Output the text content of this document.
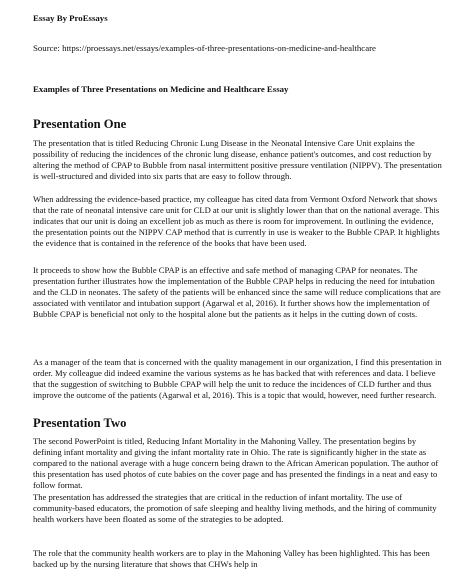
Essay By ProEssays
Source: https://proessays.net/essays/examples-of-three-presentations-on-medicine-and-healthcare
Examples of Three Presentations on Medicine and Healthcare Essay
Presentation One

The presentation that is titled Reducing Chronic Lung Disease in the Neonatal Intensive Care Unit explains the possibility of reducing the incidences of the chronic lung disease, enhance patient's outcomes, and cost reduction by altering the method of CPAP to Bubble from nasal intermittent positive pressure ventilation (NIPPV). The presentation is well-structured and divided into six parts that are easy to follow through.

When addressing the evidence-based practice, my colleague has cited data from Vermont Oxford Network that shows that the rate of neonatal intensive care unit for CLD at our unit is slightly lower than that on the national average. This indicates that our unit is doing an excellent job as much as there is room for improvement. In outlining the evidence, the presentation points out the NIPPV CAP method that is currently in use is weaker to the Bubble CPAP. It highlights the evidence that is contained in the reference of the books that have been used.

It proceeds to show how the Bubble CPAP is an effective and safe method of managing CPAP for neonates. The presentation further illustrates how the implementation of the Bubble CPAP helps in reducing the need for intubation and the CLD in neonates. The safety of the patients will be enhanced since the same will reduce complications that are associated with ventilator and intubation support (Agarwal et al, 2016). It further shows how the implementation of Bubble CPAP is beneficial not only to the hospital alone but the patients as it helps in the cutting down of costs.

As a manager of the team that is concerned with the quality management in our organization, I find this presentation in order. My colleague did indeed examine the various systems as he has backed that with references and data. I believe that the suggestion of switching to Bubble CPAP will help the unit to reduce the incidences of CLD further and thus improve the outcome of the patients (Agarwal et al, 2016). This is a topic that would, however, need further research.

Presentation Two

The second PowerPoint is titled, Reducing Infant Mortality in the Mahoning Valley. The presentation begins by defining infant mortality and giving the infant mortality rate in Ohio. The rate is significantly higher in the state as compared to the national average with a huge concern being drawn to the African American population. The author of this presentation has used photos of cute babies on the cover page and has presented the findings in a neat and easy to follow format.

The presentation has addressed the strategies that are critical in the reduction of infant mortality. The use of community-based educators, the promotion of safe sleeping and healthy living methods, and the hiring of community health workers have been floated as some of the strategies to be adopted.

The role that the community health workers are to play in the Mahoning Valley has been highlighted. This has been backed up by the nursing literature that shows that CHWs help in
